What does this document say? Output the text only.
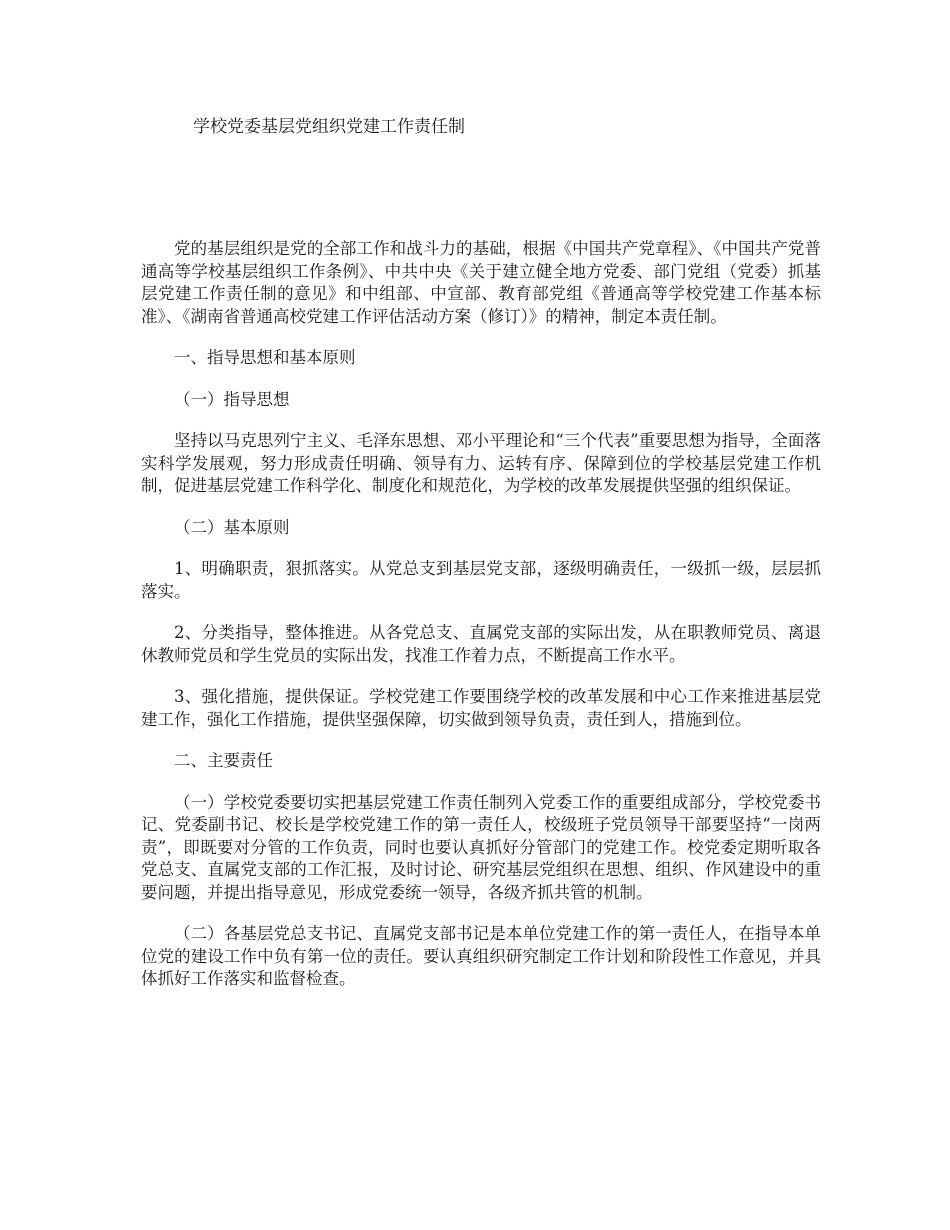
学校党委基层党组织党建工作责任制

党的基层组织是党的全部工作和战斗力的基础，根据《中国共产党章程》、《中国共产党普通高等学校基层组织工作条例》、中共中央《关于建立健全地方党委、部门党组（党委）抓基层党建工作责任制的意见》和中组部、中宣部、教育部党组《普通高等学校党建工作基本标准》、《湖南省普通高校党建工作评估活动方案（修订）》的精神，制定本责任制。

一、指导思想和基本原则

（一）指导思想

坚持以马克思列宁主义、毛泽东思想、邓小平理论和“三个代表”重要思想为指导，全面落实科学发展观，努力形成责任明确、领导有力、运转有序、保障到位的学校基层党建工作机制，促进基层党建工作科学化、制度化和规范化，为学校的改革发展提供坚强的组织保证。

（二）基本原则

1、明确职责，狠抓落实。从党总支到基层党支部，逐级明确责任，一级抓一级，层层抓落实。

2、分类指导，整体推进。从各党总支、直属党支部的实际出发，从在职教师党员、离退休教师党员和学生党员的实际出发，找准工作着力点，不断提高工作水平。

3、强化措施，提供保证。学校党建工作要围绕学校的改革发展和中心工作来推进基层党建工作，强化工作措施，提供坚强保障，切实做到领导负责，责任到人，措施到位。

二、主要责任

（一）学校党委要切实把基层党建工作责任制列入党委工作的重要组成部分，学校党委书记、党委副书记、校长是学校党建工作的第一责任人，校级班子党员领导干部要坚持“一岗两责”，即既要对分管的工作负责，同时也要认真抓好分管部门的党建工作。校党委定期听取各党总支、直属党支部的工作汇报，及时讨论、研究基层党组织在思想、组织、作风建设中的重要问题，并提出指导意见，形成党委统一领导，各级齐抓共管的机制。

（二）各基层党总支书记、直属党支部书记是本单位党建工作的第一责任人，在指导本单位党的建设工作中负有第一位的责任。要认真组织研究制定工作计划和阶段性工作意见，并具体抓好工作落实和监督检查。
